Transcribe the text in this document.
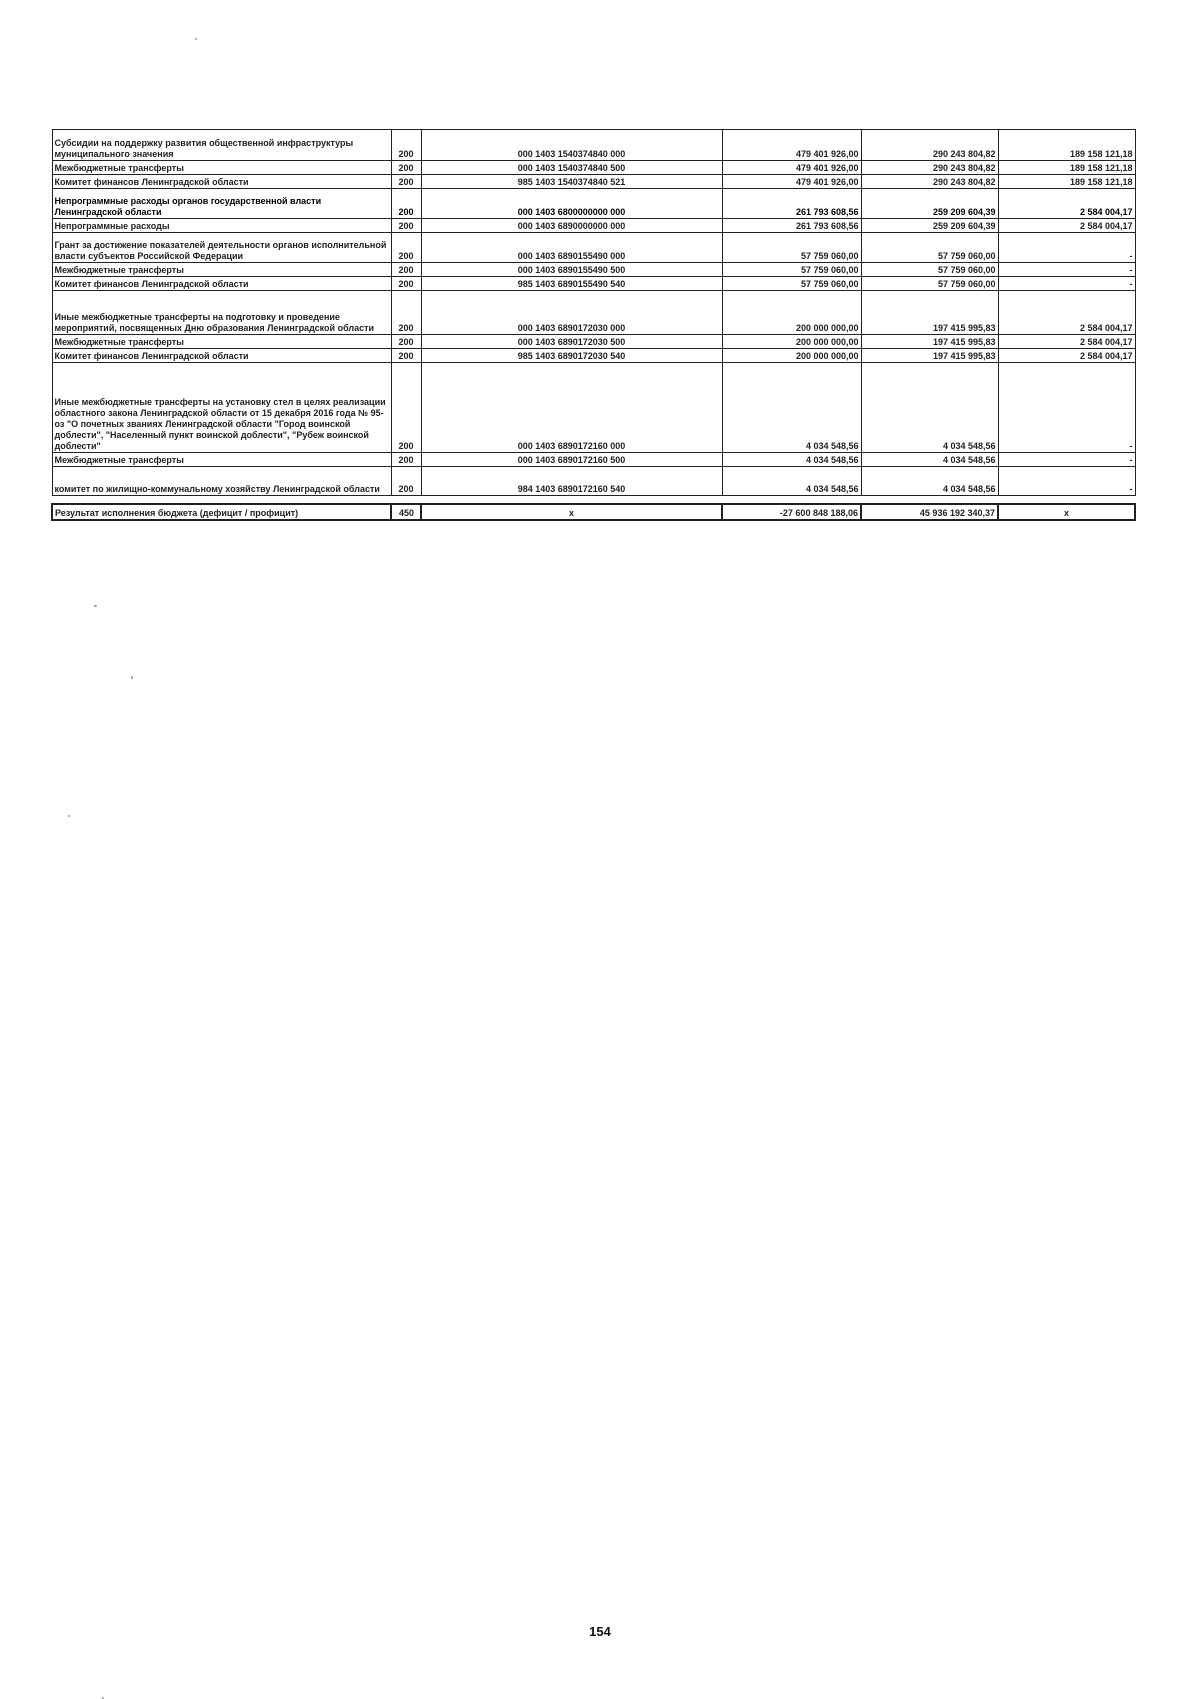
Субсидии на поддержку развития общественной инфраструктуры муниципального значения	200	000 1403 1540374840 000	479 401 926,00	290 243 804,82	189 158 121,18
Межбюджетные трансферты	200	000 1403 1540374840 500	479 401 926,00	290 243 804,82	189 158 121,18
Комитет финансов Ленинградской области	200	985 1403 1540374840 521	479 401 926,00	290 243 804,82	189 158 121,18
Непрограммные расходы органов государственной власти Ленинградской области	200	000 1403 6800000000 000	261 793 608,56	259 209 604,39	2 584 004,17
Непрограммные расходы	200	000 1403 6890000000 000	261 793 608,56	259 209 604,39	2 584 004,17
Грант за достижение показателей деятельности органов исполнительной власти субъектов Российской Федерации	200	000 1403 6890155490 000	57 759 060,00	57 759 060,00	-
Межбюджетные трансферты	200	000 1403 6890155490 500	57 759 060,00	57 759 060,00	-
Комитет финансов Ленинградской области	200	985 1403 6890155490 540	57 759 060,00	57 759 060,00	-
Иные межбюджетные трансферты на подготовку и проведение мероприятий, посвященных Дню образования Ленинградской области	200	000 1403 6890172030 000	200 000 000,00	197 415 995,83	2 584 004,17
Межбюджетные трансферты	200	000 1403 6890172030 500	200 000 000,00	197 415 995,83	2 584 004,17
Комитет финансов Ленинградской области	200	985 1403 6890172030 540	200 000 000,00	197 415 995,83	2 584 004,17
Иные межбюджетные трансферты на установку стел в целях реализации областного закона Ленинградской области от 15 декабря 2016 года № 95-оз "О почетных званиях Ленинградской области "Город воинской доблести", "Населенный пункт воинской доблести", "Рубеж воинской доблести"	200	000 1403 6890172160 000	4 034 548,56	4 034 548,56	-
Межбюджетные трансферты	200	000 1403 6890172160 500	4 034 548,56	4 034 548,56	-
комитет по жилищно-коммунальному хозяйству Ленинградской области	200	984 1403 6890172160 540	4 034 548,56	4 034 548,56	-

Результат исполнения бюджета (дефицит / профицит)	450	x	-27 600 848 188,06	45 936 192 340,37	x
154
